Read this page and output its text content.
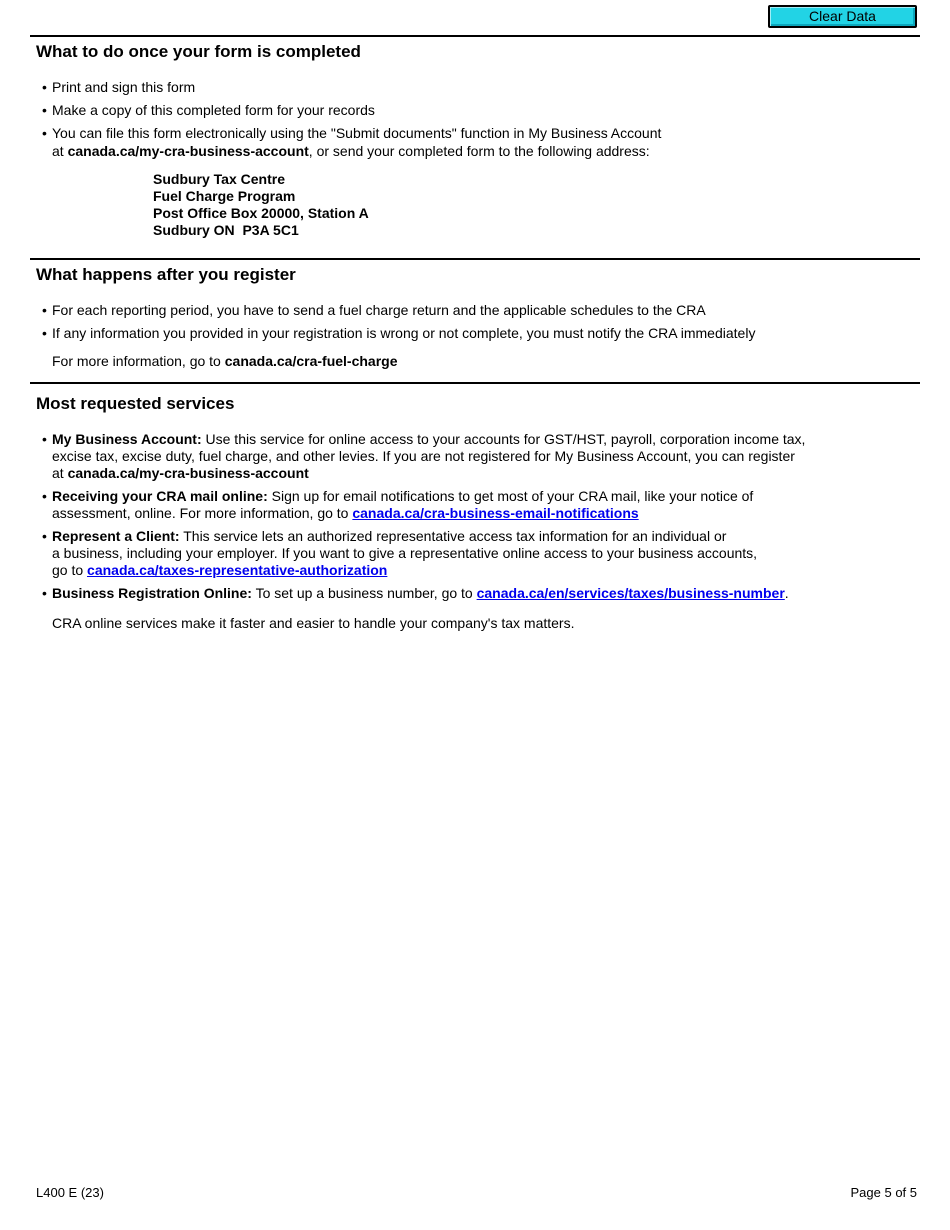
Clear Data
What to do once your form is completed
• Print and sign this form
• Make a copy of this completed form for your records
• You can file this form electronically using the "Submit documents" function in My Business Account
at canada.ca/my-cra-business-account, or send your completed form to the following address:
Sudbury Tax Centre
Fuel Charge Program
Post Office Box 20000, Station A
Sudbury ON  P3A 5C1
What happens after you register
• For each reporting period, you have to send a fuel charge return and the applicable schedules to the CRA
• If any information you provided in your registration is wrong or not complete, you must notify the CRA immediately

For more information, go to canada.ca/cra-fuel-charge

Most requested services
• My Business Account: Use this service for online access to your accounts for GST/HST, payroll, corporation income tax,
excise tax, excise duty, fuel charge, and other levies. If you are not registered for My Business Account, you can register
at canada.ca/my-cra-business-account
• Receiving your CRA mail online: Sign up for email notifications to get most of your CRA mail, like your notice of
assessment, online. For more information, go to canada.ca/cra-business-email-notifications
• Represent a Client: This service lets an authorized representative access tax information for an individual or
a business, including your employer. If you want to give a representative online access to your business accounts,
go to canada.ca/taxes-representative-authorization
• Business Registration Online: To set up a business number, go to canada.ca/en/services/taxes/business-number.

CRA online services make it faster and easier to handle your company's tax matters.

L400 E (23)	Page 5 of 5
